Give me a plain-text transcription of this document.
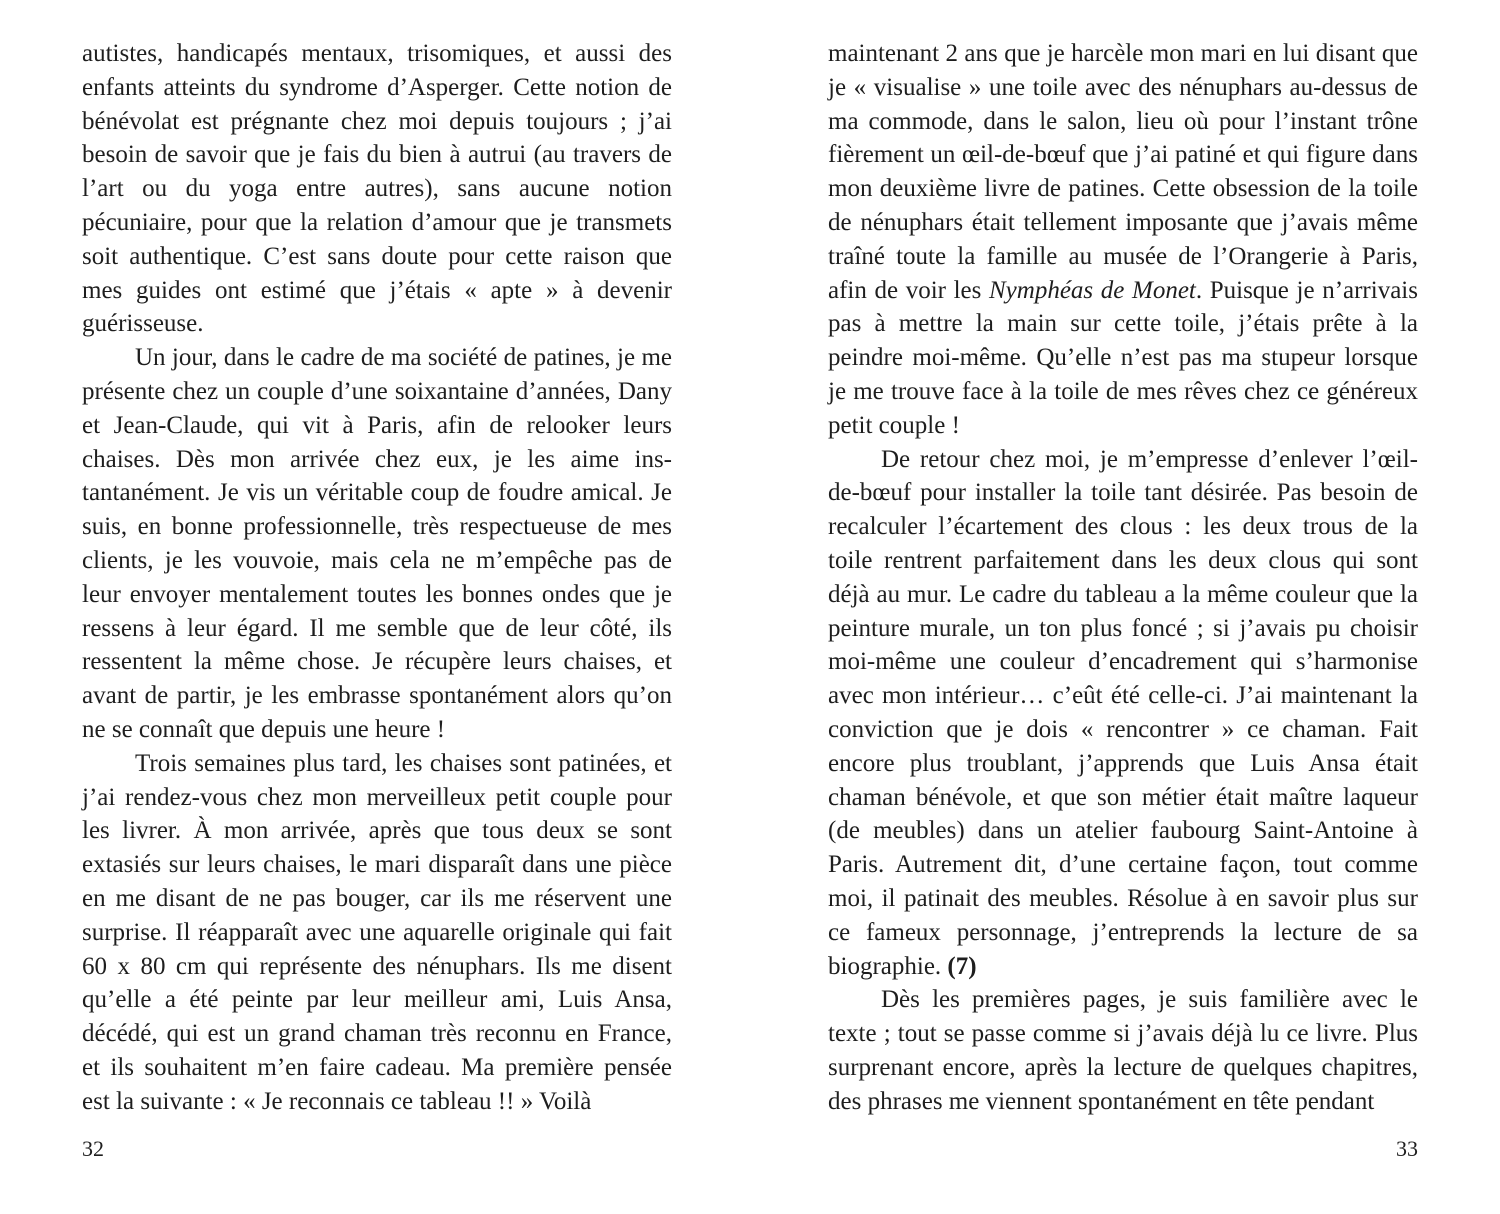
autistes, handicapés mentaux, trisomiques, et aussi des enfants atteints du syndrome d’Asperger. Cette notion de bénévolat est prégnante chez moi depuis toujours ; j’ai besoin de savoir que je fais du bien à autrui (au travers de l’art ou du yoga entre autres), sans aucune notion pécuniaire, pour que la relation d’amour que je transmets soit authentique. C’est sans doute pour cette raison que mes guides ont estimé que j’étais « apte » à devenir guérisseuse.

Un jour, dans le cadre de ma société de patines, je me présente chez un couple d’une soixantaine d’années, Dany et Jean-Claude, qui vit à Paris, afin de relooker leurs chaises. Dès mon arrivée chez eux, je les aime instantanément. Je vis un véritable coup de foudre amical. Je suis, en bonne professionnelle, très respectueuse de mes clients, je les vouvoie, mais cela ne m’empêche pas de leur envoyer mentalement toutes les bonnes ondes que je ressens à leur égard. Il me semble que de leur côté, ils ressentent la même chose. Je récupère leurs chaises, et avant de partir, je les embrasse spontanément alors qu’on ne se connaît que depuis une heure !

Trois semaines plus tard, les chaises sont patinées, et j’ai rendez-vous chez mon merveilleux petit couple pour les livrer. À mon arrivée, après que tous deux se sont extasiés sur leurs chaises, le mari disparaît dans une pièce en me disant de ne pas bouger, car ils me réservent une surprise. Il réapparaît avec une aquarelle originale qui fait 60 x 80 cm qui représente des nénuphars. Ils me disent qu’elle a été peinte par leur meilleur ami, Luis Ansa, décédé, qui est un grand chaman très reconnu en France, et ils souhaitent m’en faire cadeau. Ma première pensée est la suivante : « Je reconnais ce tableau !! » Voilà

maintenant 2 ans que je harcèle mon mari en lui disant que je « visualise » une toile avec des nénuphars au-dessus de ma commode, dans le salon, lieu où pour l’instant trône fièrement un œil-de-bœuf que j’ai patiné et qui figure dans mon deuxième livre de patines. Cette obsession de la toile de nénuphars était tellement imposante que j’avais même traîné toute la famille au musée de l’Orangerie à Paris, afin de voir les Nymphéas de Monet. Puisque je n’arrivais pas à mettre la main sur cette toile, j’étais prête à la peindre moi-même. Qu’elle n’est pas ma stupeur lorsque je me trouve face à la toile de mes rêves chez ce généreux petit couple !

De retour chez moi, je m’empresse d’enlever l’œil-de-bœuf pour installer la toile tant désirée. Pas besoin de recalculer l’écartement des clous : les deux trous de la toile rentrent parfaitement dans les deux clous qui sont déjà au mur. Le cadre du tableau a la même couleur que la peinture murale, un ton plus foncé ; si j’avais pu choisir moi-même une couleur d’encadrement qui s’harmonise avec mon intérieur… c’eût été celle-ci. J’ai maintenant la conviction que je dois « rencontrer » ce chaman. Fait encore plus troublant, j’apprends que Luis Ansa était chaman bénévole, et que son métier était maître laqueur (de meubles) dans un atelier faubourg Saint-Antoine à Paris. Autrement dit, d’une certaine façon, tout comme moi, il patinait des meubles. Résolue à en savoir plus sur ce fameux personnage, j’entreprends la lecture de sa biographie. (7)

Dès les premières pages, je suis familière avec le texte ; tout se passe comme si j’avais déjà lu ce livre. Plus surprenant encore, après la lecture de quelques chapitres, des phrases me viennent spontanément en tête pendant

32	33
